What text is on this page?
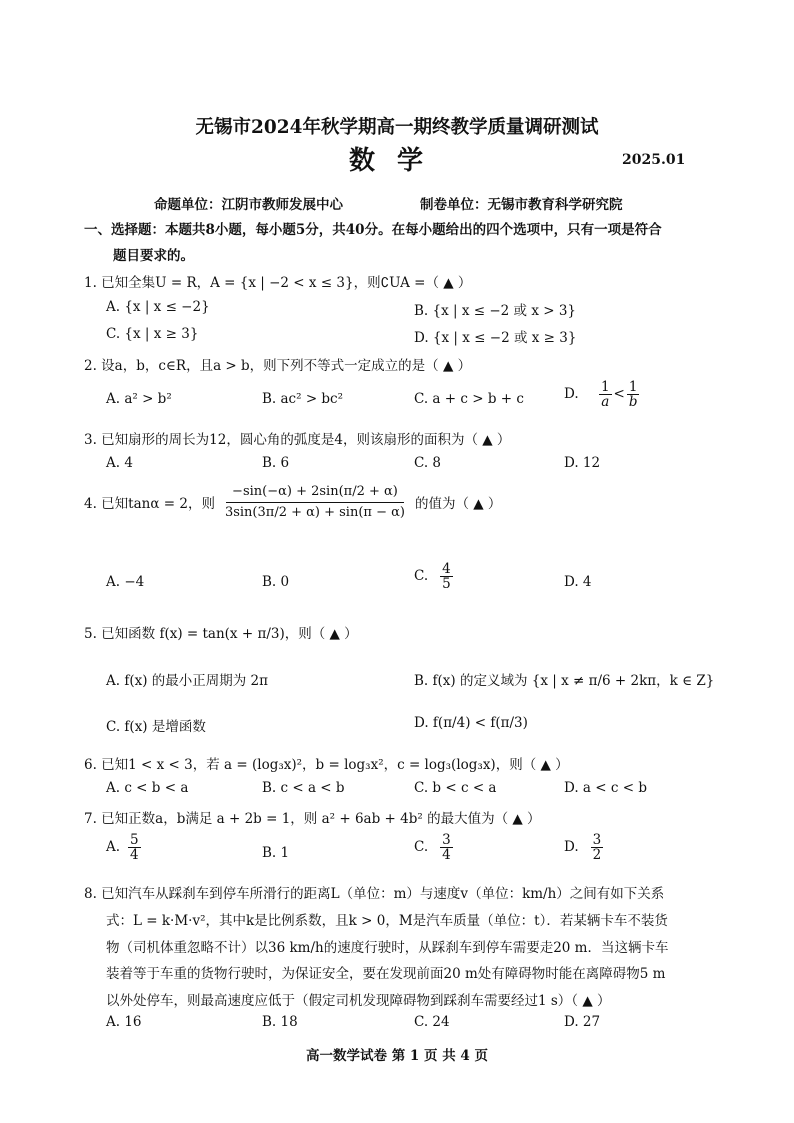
无锡市2024年秋学期高一期终教学质量调研测试
数学	2025.01
命题单位：江阴市教师发展中心	制卷单位：无锡市教育科学研究院
一、选择题：本题共8小题，每小题5分，共40分。在每小题给出的四个选项中，只有一项是符合
题目要求的。
1. 已知全集U = R，A = {x | −2 < x ≤ 3}，则∁UA =（ ▲ ）
A. {x | x ≤ −2}	B. {x | x ≤ −2 或 x > 3}
C. {x | x ≥ 3}	D. {x | x ≤ −2 或 x ≥ 3}
2. 设a，b，c∈R，且a > b，则下列不等式一定成立的是（ ▲ ）
A. a² > b²	B. ac² > bc²	C. a + c > b + c	D. $\frac{1}{a} < \frac{1}{b}$
3. 已知扇形的周长为12，圆心角的弧度是4，则该扇形的面积为（ ▲ ）
A. 4	B. 6	C. 8	D. 12
4. 已知tanα = 2，则 $\frac{-\sin(-\alpha) + 2\sin(\pi/2 + \alpha)}{3\sin(3\pi/2 + \alpha) + \sin(\pi - \alpha)}$ 的值为（ ▲ ）
A. −4	B. 0	C. $\frac{4}{5}$	D. 4
5. 已知函数 f(x) = tan(x + π/3)，则（ ▲ ）
A. f(x) 的最小正周期为 2π	B. f(x) 的定义域为 {x | x ≠ π/6 + 2kπ，k ∈ Z}
C. f(x) 是增函数	D. f(π/4) < f(π/3)
6. 已知1 < x < 3，若 a = (log₃x)²，b = log₃x²，c = log₃(log₃x)，则（ ▲ ）
A. c < b < a	B. c < a < b	C. b < c < a	D. a < c < b
7. 已知正数a，b满足 a + 2b = 1，则 a² + 6ab + 4b² 的最大值为（ ▲ ）
A. $\frac{5}{4}$	B. 1	C. $\frac{3}{4}$	D. $\frac{3}{2}$
8. 已知汽车从踩刹车到停车所滑行的距离L（单位：m）与速度v（单位：km/h）之间有如下关系
式：L = k·M·v²，其中k是比例系数，且k > 0，M是汽车质量（单位：t）．若某辆卡车不装货
物（司机体重忽略不计）以36 km/h的速度行驶时，从踩刹车到停车需要走20 m．当这辆卡车
装着等于车重的货物行驶时，为保证安全，要在发现前面20 m处有障碍物时能在离障碍物5 m
以外处停车，则最高速度应低于（假定司机发现障碍物到踩刹车需要经过1 s）（ ▲ ）
A. 16	B. 18	C. 24	D. 27
高一数学试卷 第 1 页 共 4 页
